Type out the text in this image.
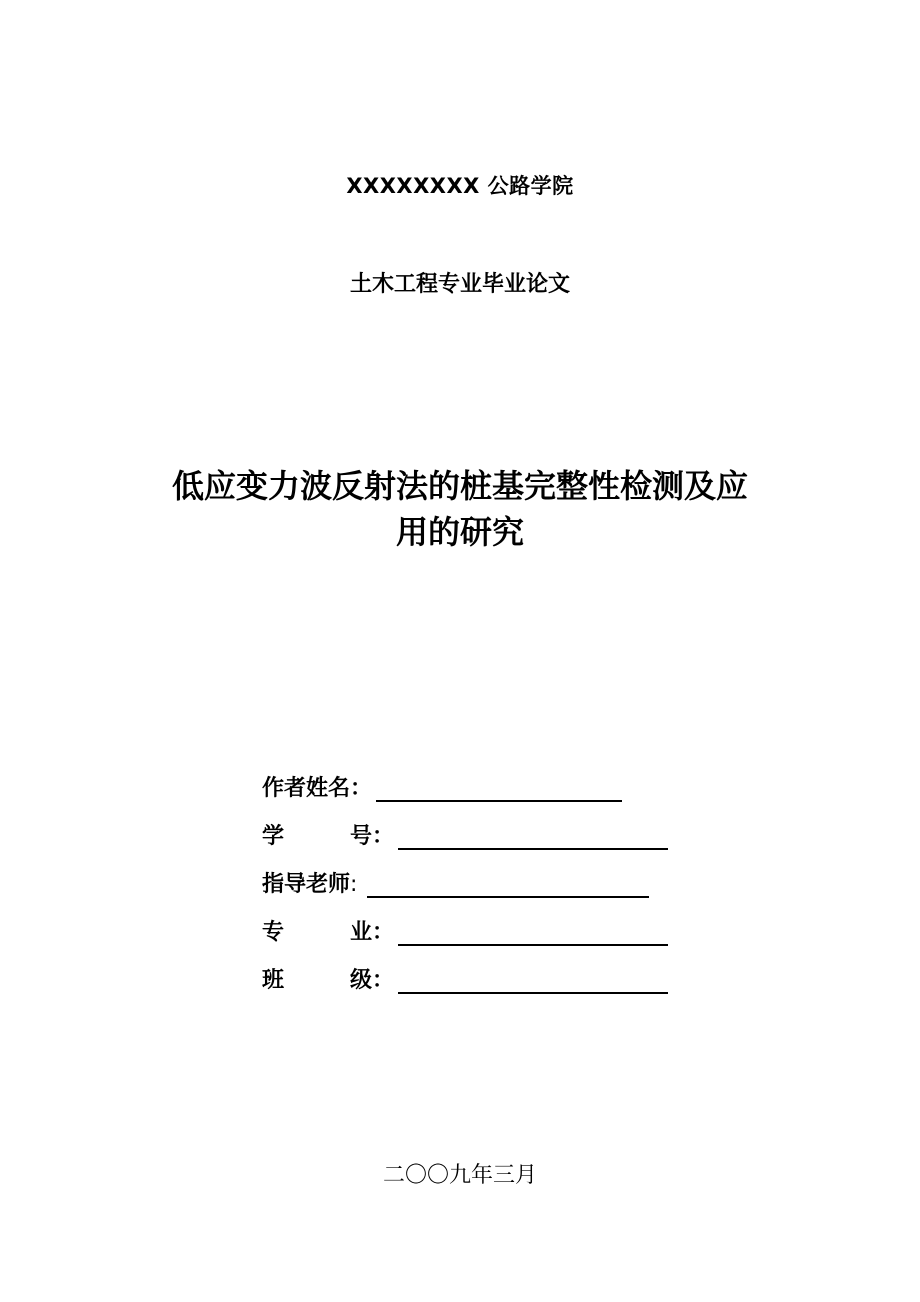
XXXXXXXX 公路学院
土木工程专业毕业论文
低应变力波反射法的桩基完整性检测及应
用的研究
作者姓名 ：
学号 ：
指导老师 :
专业 ：
班级 ：
二〇〇九年三月
